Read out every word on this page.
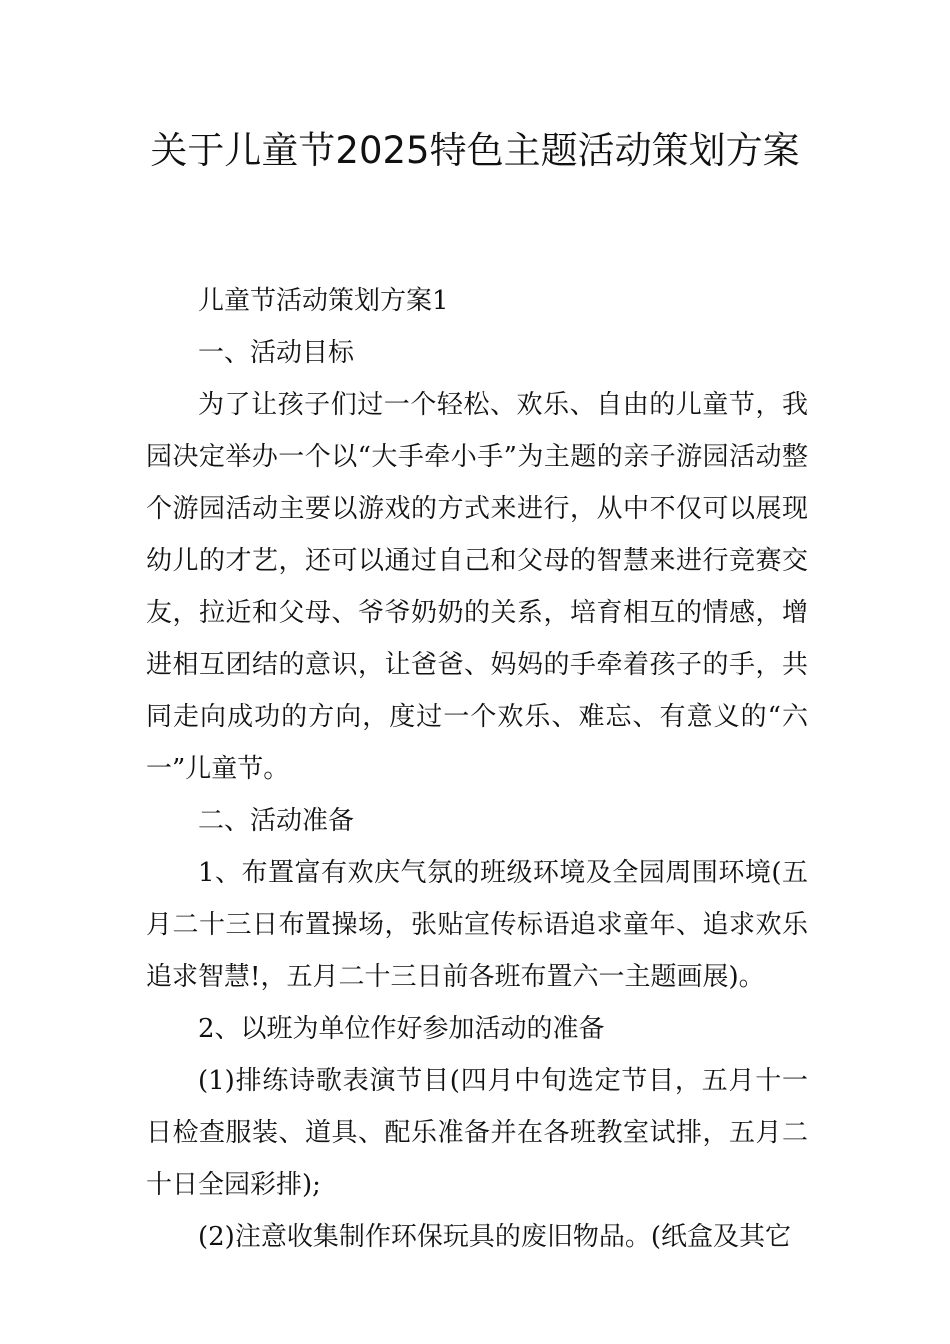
关于儿童节2025特色主题活动策划方案

儿童节活动策划方案1

一、活动目标

为了让孩子们过一个轻松、欢乐、自由的儿童节，我园决定举办一个以“大手牵小手”为主题的亲子游园活动整个游园活动主要以游戏的方式来进行，从中不仅可以展现幼儿的才艺，还可以通过自己和父母的智慧来进行竞赛交友，拉近和父母、爷爷奶奶的关系，培育相互的情感，增进相互团结的意识，让爸爸、妈妈的手牵着孩子的手，共同走向成功的方向，度过一个欢乐、难忘、有意义的“六一”儿童节。

二、活动准备

1、布置富有欢庆气氛的班级环境及全园周围环境(五月二十三日布置操场，张贴宣传标语追求童年、追求欢乐追求智慧!，五月二十三日前各班布置六一主题画展)。

2、以班为单位作好参加活动的准备

(1)排练诗歌表演节目(四月中旬选定节目，五月十一日检查服装、道具、配乐准备并在各班教室试排，五月二十日全园彩排);

(2)注意收集制作环保玩具的废旧物品。(纸盒及其它
